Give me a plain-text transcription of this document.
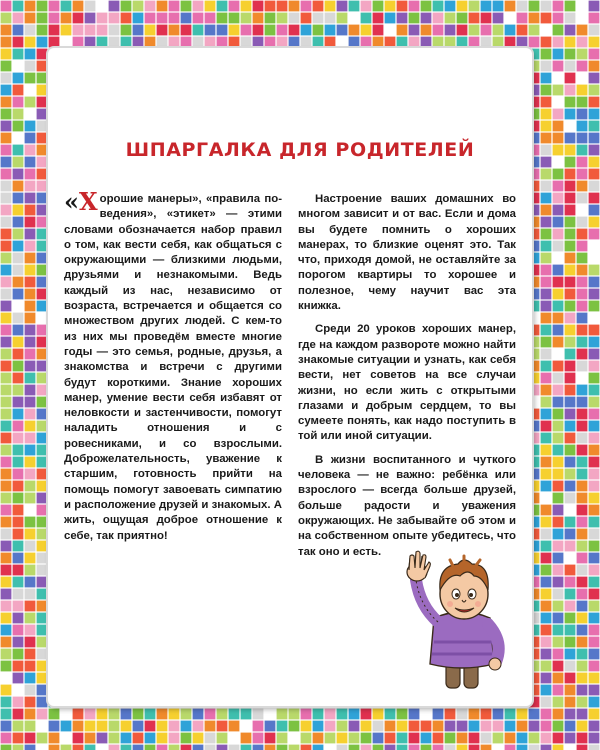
ШПАРГАЛКА ДЛЯ РОДИТЕЛЕЙ

«Х орошие манеры», «правила поведения», «этикет» — этими словами обозначается набор правил о том, как вести себя, как общаться с окружающими — близкими людьми, друзьями и незнакомыми. Ведь каждый из нас, независимо от возраста, встречается и общается со множеством других людей. С кем-то из них мы проведём вместе многие годы — это семья, родные, друзья, а знакомства и встречи с другими будут короткими. Знание хороших манер, умение вести себя избавят от неловкости и застенчивости, помогут наладить отношения и с ровесниками, и со взрослыми. Доброжелательность, уважение к старшим, готовность прийти на помощь помогут завоевать симпатию и расположение друзей и знакомых. А жить, ощущая доброе отношение к себе, так приятно!

Настроение ваших домашних во многом зависит и от вас. Если и дома вы будете помнить о хороших манерах, то близкие оценят это. Так что, приходя домой, не оставляйте за порогом квартиры то хорошее и полезное, чему научит вас эта книжка.

Среди 20 уроков хороших манер, где на каждом развороте можно найти знакомые ситуации и узнать, как себя вести, нет советов на все случаи жизни, но если жить с открытыми глазами и добрым сердцем, то вы сумеете понять, как надо поступить в той или иной ситуации.

В жизни воспитанного и чуткого человека — не важно: ребёнка или взрослого — всегда больше друзей, больше радости и уважения окружающих. Не забывайте об этом и на собственном опыте убедитесь, что так оно и есть.
